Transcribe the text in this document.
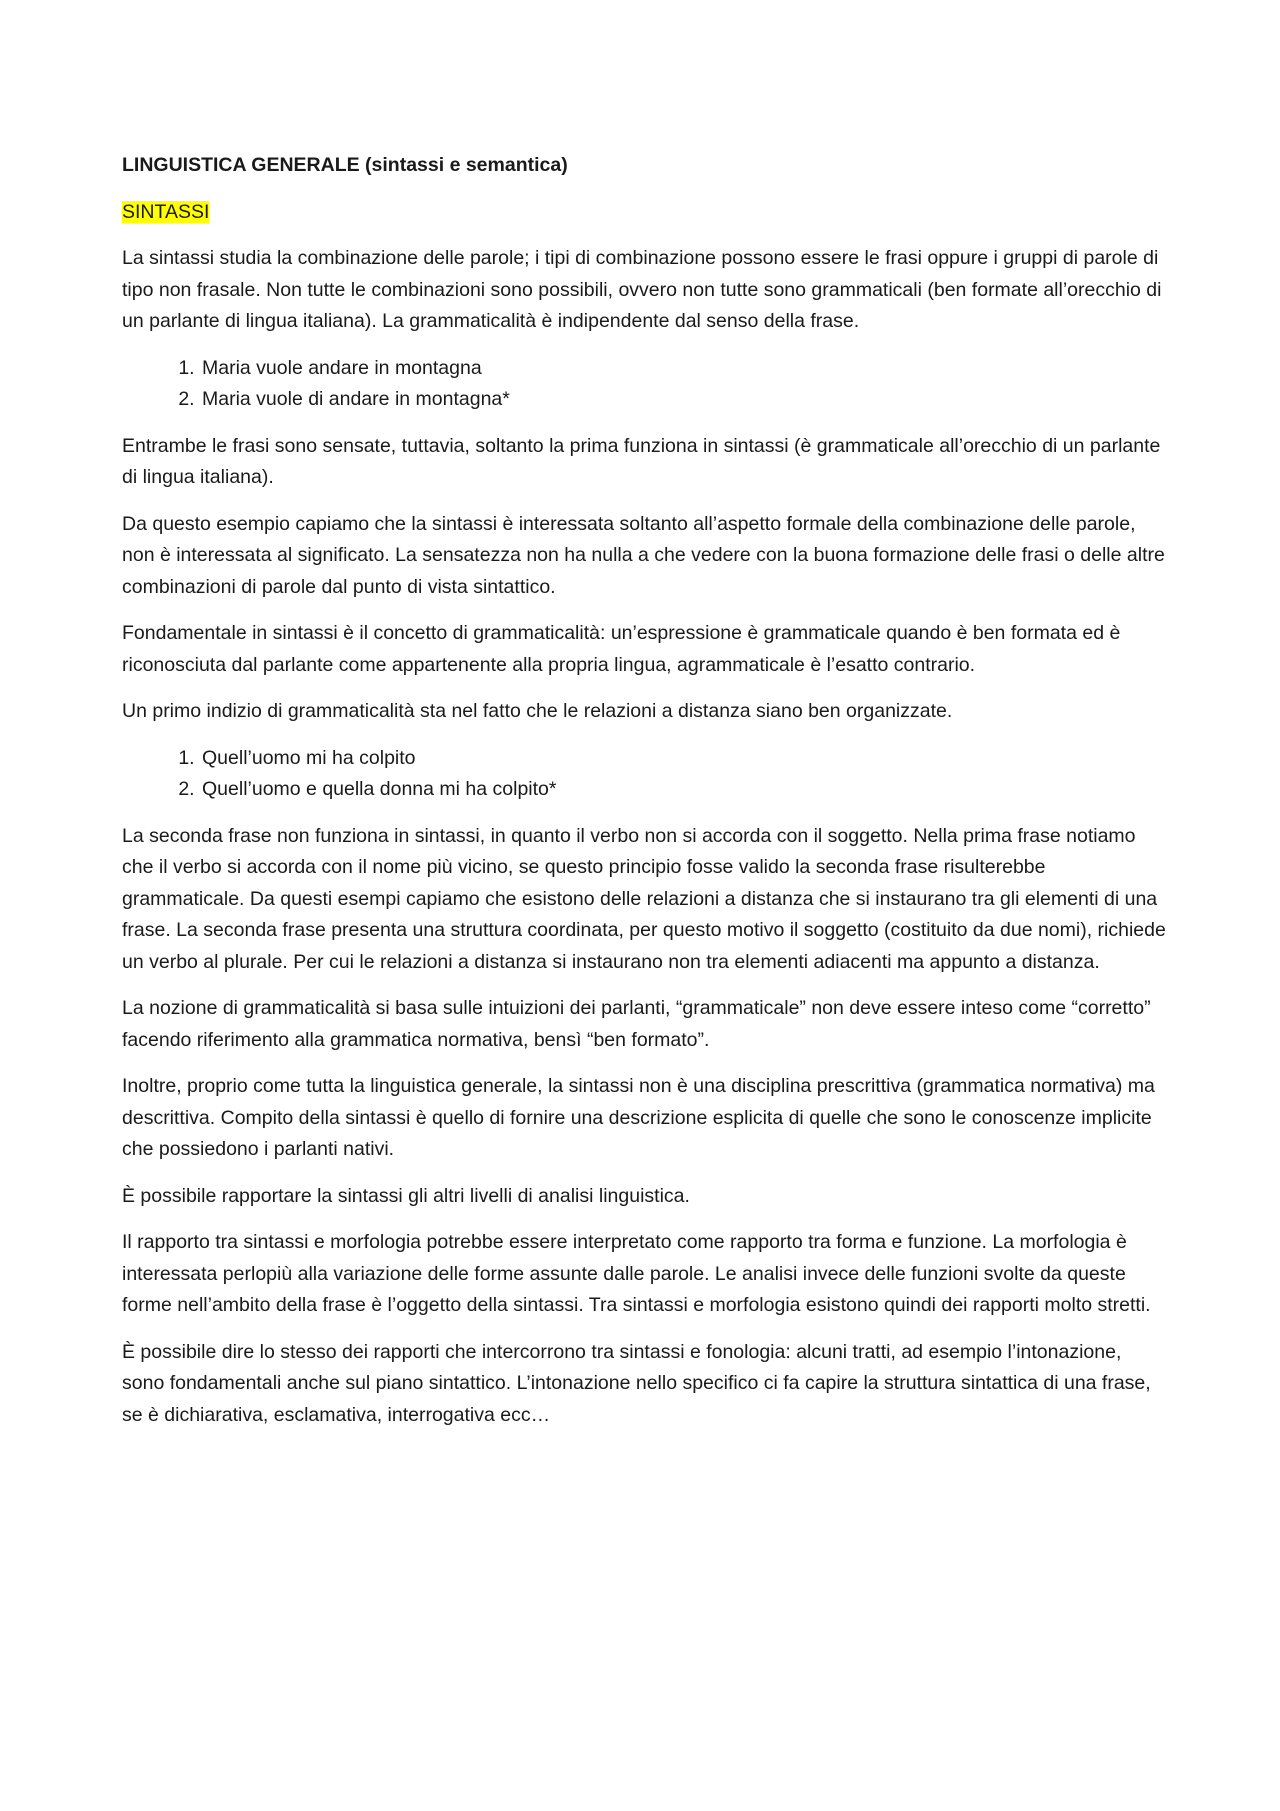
LINGUISTICA GENERALE (sintassi e semantica)

SINTASSI

La sintassi studia la combinazione delle parole; i tipi di combinazione possono essere le frasi oppure i gruppi di parole di tipo non frasale. Non tutte le combinazioni sono possibili, ovvero non tutte sono grammaticali (ben formate all’orecchio di un parlante di lingua italiana). La grammaticalità è indipendente dal senso della frase.

1. Maria vuole andare in montagna
2. Maria vuole di andare in montagna*

Entrambe le frasi sono sensate, tuttavia, soltanto la prima funziona in sintassi (è grammaticale all’orecchio di un parlante di lingua italiana).

Da questo esempio capiamo che la sintassi è interessata soltanto all’aspetto formale della combinazione delle parole, non è interessata al significato. La sensatezza non ha nulla a che vedere con la buona formazione delle frasi o delle altre combinazioni di parole dal punto di vista sintattico.

Fondamentale in sintassi è il concetto di grammaticalità: un’espressione è grammaticale quando è ben formata ed è riconosciuta dal parlante come appartenente alla propria lingua, agrammaticale è l’esatto contrario.

Un primo indizio di grammaticalità sta nel fatto che le relazioni a distanza siano ben organizzate.

1. Quell’uomo mi ha colpito
2. Quell’uomo e quella donna mi ha colpito*

La seconda frase non funziona in sintassi, in quanto il verbo non si accorda con il soggetto. Nella prima frase notiamo che il verbo si accorda con il nome più vicino, se questo principio fosse valido la seconda frase risulterebbe grammaticale. Da questi esempi capiamo che esistono delle relazioni a distanza che si instaurano tra gli elementi di una frase. La seconda frase presenta una struttura coordinata, per questo motivo il soggetto (costituito da due nomi), richiede un verbo al plurale. Per cui le relazioni a distanza si instaurano non tra elementi adiacenti ma appunto a distanza.

La nozione di grammaticalità si basa sulle intuizioni dei parlanti, “grammaticale” non deve essere inteso come “corretto” facendo riferimento alla grammatica normativa, bensì “ben formato”.

Inoltre, proprio come tutta la linguistica generale, la sintassi non è una disciplina prescrittiva (grammatica normativa) ma descrittiva. Compito della sintassi è quello di fornire una descrizione esplicita di quelle che sono le conoscenze implicite che possiedono i parlanti nativi.

È possibile rapportare la sintassi gli altri livelli di analisi linguistica.

Il rapporto tra sintassi e morfologia potrebbe essere interpretato come rapporto tra forma e funzione. La morfologia è interessata perlopiù alla variazione delle forme assunte dalle parole. Le analisi invece delle funzioni svolte da queste forme nell’ambito della frase è l’oggetto della sintassi. Tra sintassi e morfologia esistono quindi dei rapporti molto stretti.

È possibile dire lo stesso dei rapporti che intercorrono tra sintassi e fonologia: alcuni tratti, ad esempio l’intonazione, sono fondamentali anche sul piano sintattico. L’intonazione nello specifico ci fa capire la struttura sintattica di una frase, se è dichiarativa, esclamativa, interrogativa ecc…
